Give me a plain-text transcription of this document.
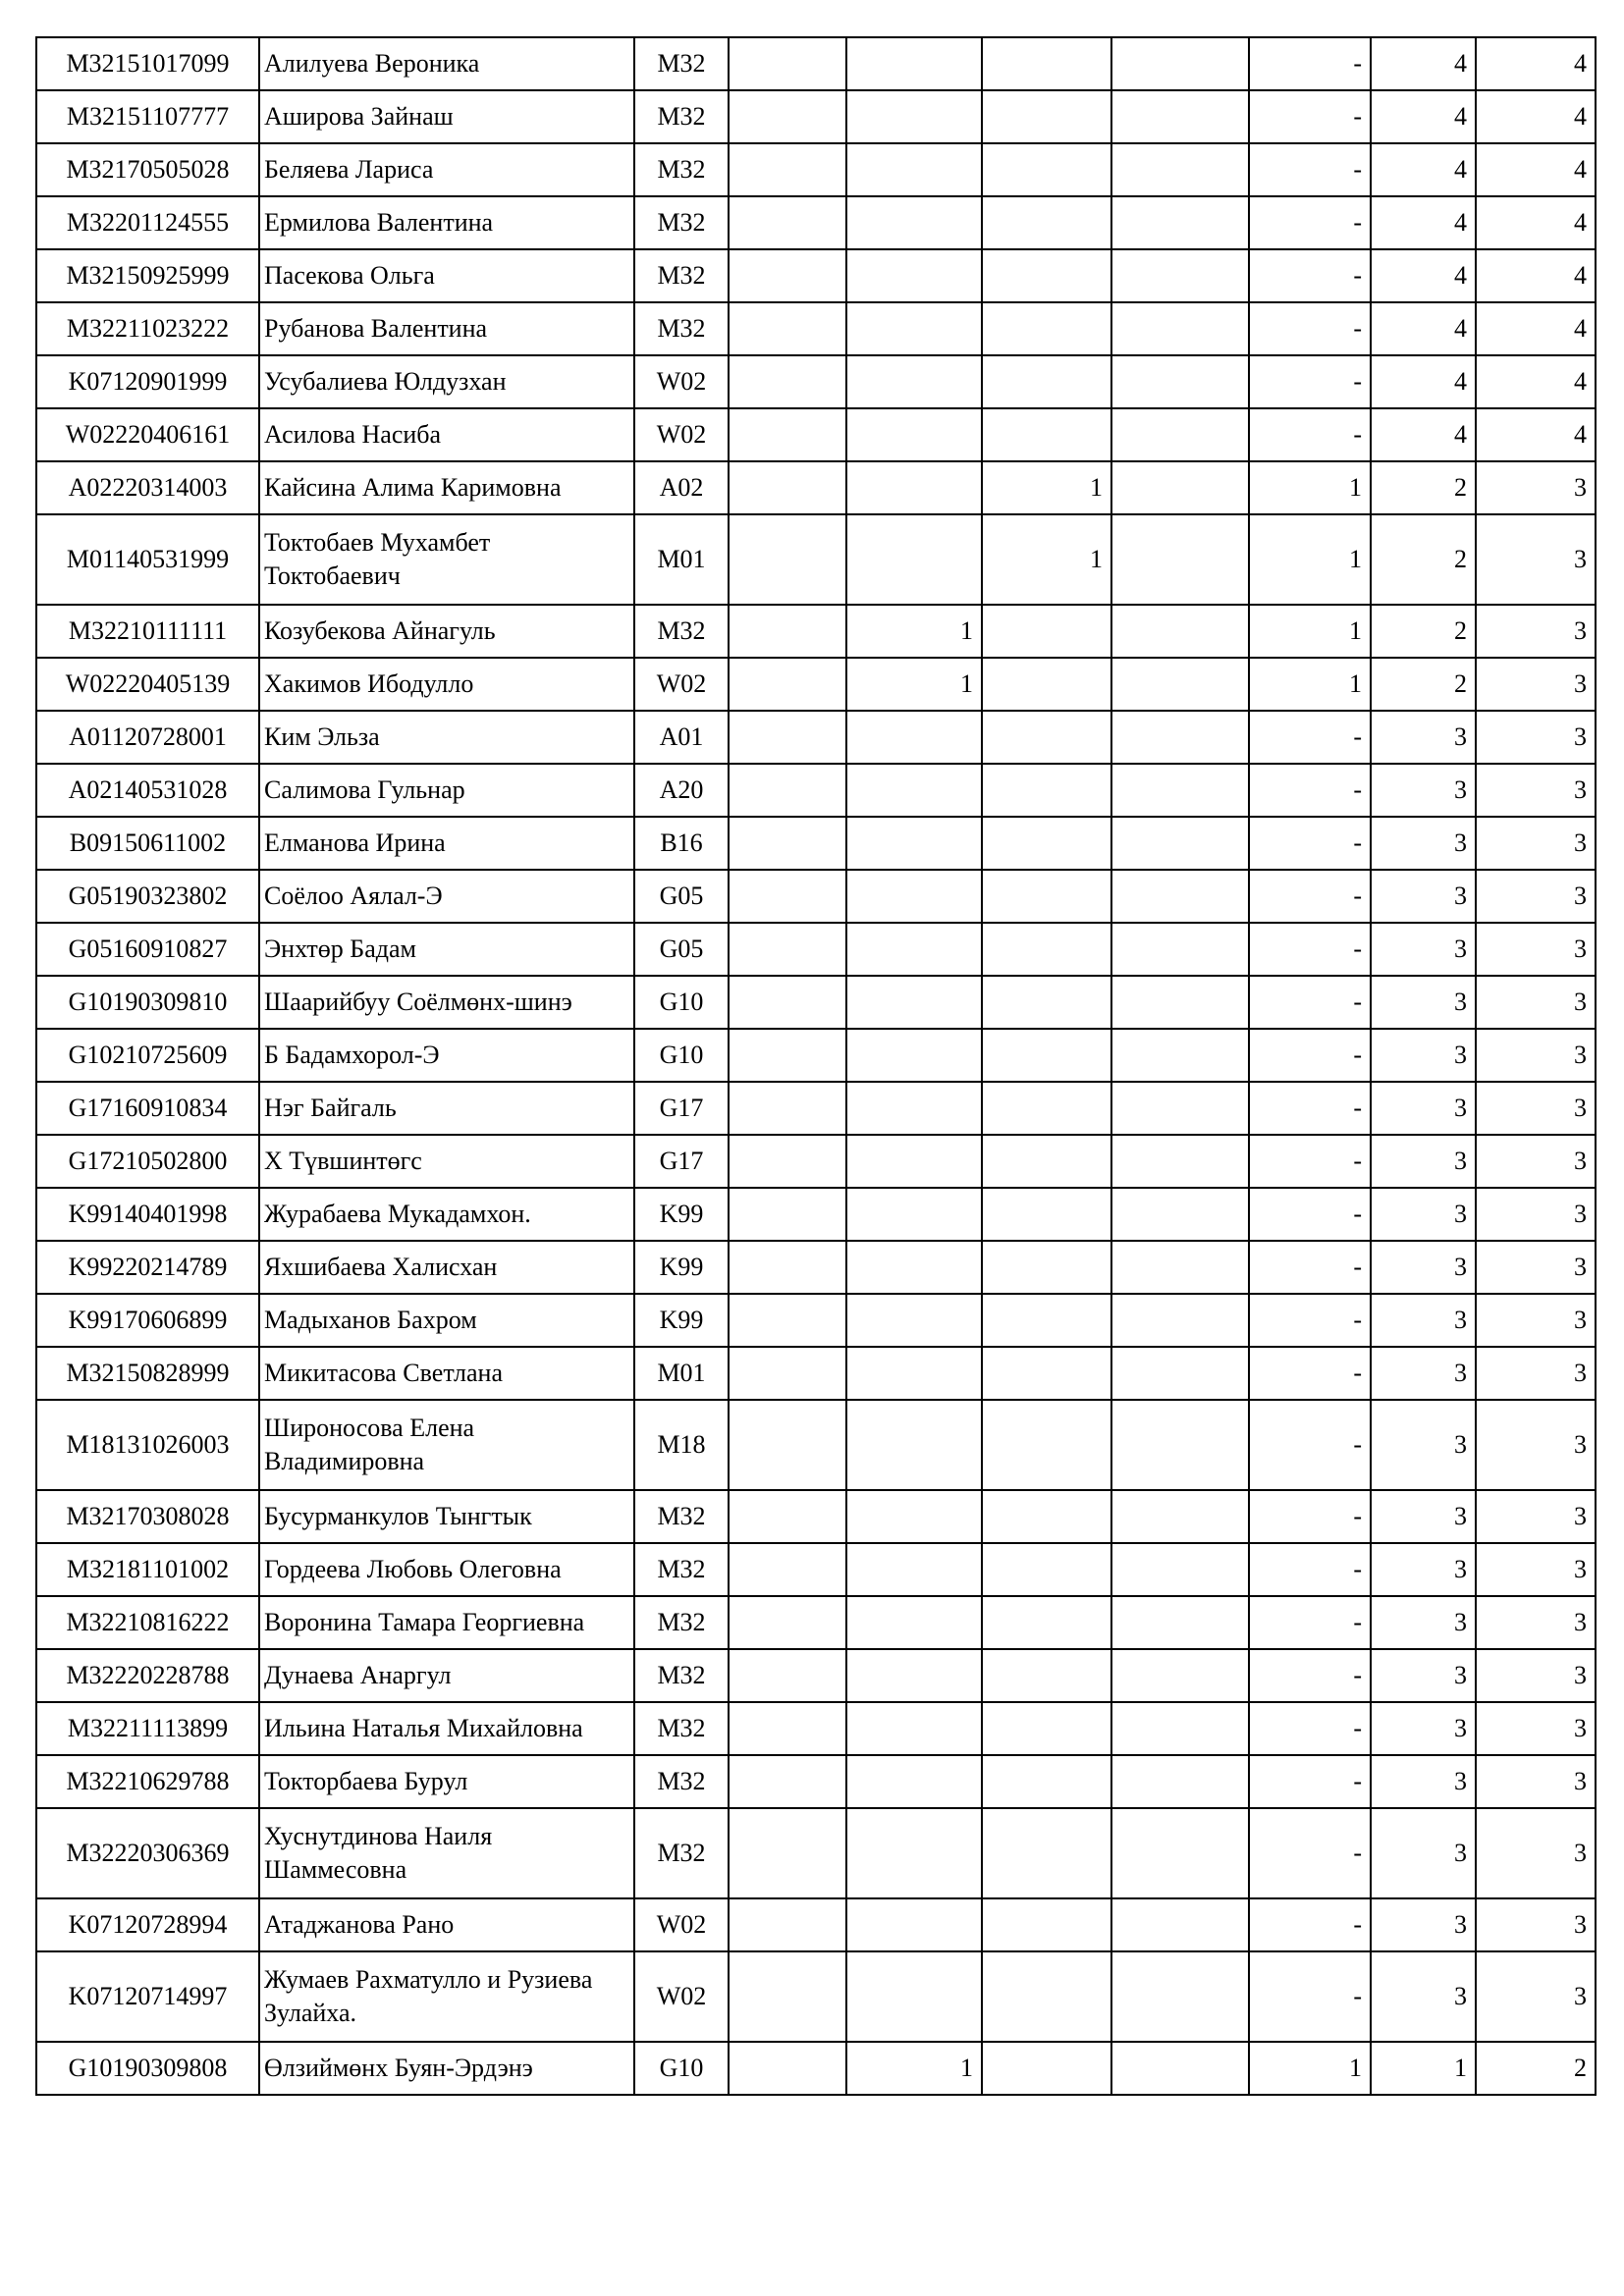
M32151017099	Алилуева Вероника	M32					-	4	4
M32151107777	Аширова Зайнаш	M32					-	4	4
M32170505028	Беляева Лариса	M32					-	4	4
M32201124555	Ермилова Валентина	M32					-	4	4
M32150925999	Пасекова Ольга	M32					-	4	4
M32211023222	Рубанова Валентина	M32					-	4	4
K07120901999	Усубалиева Юлдузхан	W02					-	4	4
W02220406161	Асилова Насиба	W02					-	4	4
A02220314003	Кайсина Алима Каримовна	A02			1		1	2	3
M01140531999	Токтобаев Мухамбет Токтобаевич	M01			1		1	2	3
M32210111111	Козубекова Айнагуль	M32		1			1	2	3
W02220405139	Хакимов Ибодулло	W02		1			1	2	3
A01120728001	Ким Эльза	A01					-	3	3
A02140531028	Салимова Гульнар	A20					-	3	3
B09150611002	Елманова Ирина	B16					-	3	3
G05190323802	Соёлоо Аялал-Э	G05					-	3	3
G05160910827	Энхтөр Бадам	G05					-	3	3
G10190309810	Шаарийбуу Соёлмөнх-шинэ	G10					-	3	3
G10210725609	Б Бадамхорол-Э	G10					-	3	3
G17160910834	Нэг Байгаль	G17					-	3	3
G17210502800	Х Түвшинтөгс	G17					-	3	3
K99140401998	Журабаева Мукадамхон.	K99					-	3	3
K99220214789	Яхшибаева Халисхан	K99					-	3	3
K99170606899	Мадыханов Бахром	K99					-	3	3
M32150828999	Микитасова Светлана	M01					-	3	3
M18131026003	Широносова Елена Владимировна	M18					-	3	3
M32170308028	Бусурманкулов Тынгтык	M32					-	3	3
M32181101002	Гордеева Любовь Олеговна	M32					-	3	3
M32210816222	Воронина Тамара Георгиевна	M32					-	3	3
M32220228788	Дунаева Анаргул	M32					-	3	3
M32211113899	Ильина Наталья Михайловна	M32					-	3	3
M32210629788	Токторбаева Бурул	M32					-	3	3
M32220306369	Хуснутдинова Наиля Шаммесовна	M32					-	3	3
K07120728994	Атаджанова Рано	W02					-	3	3
K07120714997	Жумаев Рахматулло и Рузиева Зулайха.	W02					-	3	3
G10190309808	Өлзиймөнх Буян-Эрдэнэ	G10		1			1	1	2
